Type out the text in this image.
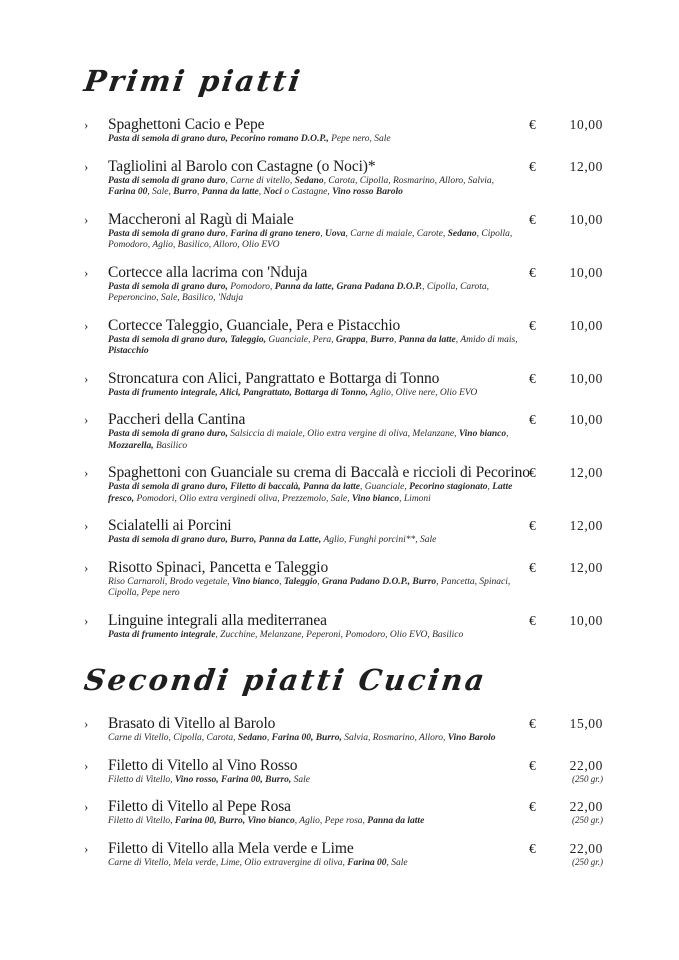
Primi piatti
›	Spaghettoni Cacio e Pepe
Pasta di semola di grano duro, Pecorino romano D.O.P., Pepe nero, Sale
€ 10,00
›	Tagliolini al Barolo con Castagne (o Noci)*
Pasta di semola di grano duro, Carne di vitello, Sedano, Carota, Cipolla, Rosmarino, Alloro, Salvia, Farina 00, Sale, Burro, Panna da latte, Noci o Castagne, Vino rosso Barolo
€ 12,00
›	Maccheroni al Ragù di Maiale
Pasta di semola di grano duro, Farina di grano tenero, Uova, Carne di maiale, Carote, Sedano, Cipolla, Pomodoro, Aglio, Basilico, Alloro, Olio EVO
€ 10,00
›	Cortecce alla lacrima con 'Nduja
Pasta di semola di grano duro, Pomodoro, Panna da latte, Grana Padana D.O.P., Cipolla, Carota, Peperoncino, Sale, Basilico, 'Nduja
€ 10,00
›	Cortecce Taleggio, Guanciale, Pera e Pistacchio
Pasta di semola di grano duro, Taleggio, Guanciale, Pera, Grappa, Burro, Panna da latte, Amido di mais, Pistacchio
€ 10,00
›	Stroncatura con Alici, Pangrattato e Bottarga di Tonno
Pasta di frumento integrale, Alici, Pangrattato, Bottarga di Tonno, Aglio, Olive nere, Olio EVO
€ 10,00
›	Paccheri della Cantina
Pasta di semola di grano duro, Salsiccia di maiale, Olio extra vergine di oliva, Melanzane, Vino bianco, Mozzarella, Basilico
€ 10,00
›	Spaghettoni con Guanciale su crema di Baccalà e riccioli di Pecorino
Pasta di semola di grano duro, Filetto di baccalà, Panna da latte, Guanciale, Pecorino stagionato, Latte fresco, Pomodori, Olio extra verginedi oliva, Prezzemolo, Sale, Vino bianco, Limoni
€ 12,00
›	Scialatelli ai Porcini
Pasta di semola di grano duro, Burro, Panna da Latte, Aglio, Funghi porcini**, Sale
€ 12,00
›	Risotto Spinaci, Pancetta e Taleggio
Riso Carnaroli, Brodo vegetale, Vino bianco, Taleggio, Grana Padano D.O.P., Burro, Pancetta, Spinaci, Cipolla, Pepe nero
€ 12,00
›	Linguine integrali alla mediterranea
Pasta di frumento integrale, Zucchine, Melanzane, Peperoni, Pomodoro, Olio EVO, Basilico
€ 10,00
Secondi piatti Cucina
›	Brasato di Vitello al Barolo
Carne di Vitello, Cipolla, Carota, Sedano, Farina 00, Burro, Salvia, Rosmarino, Alloro, Vino Barolo
€ 15,00
›	Filetto di Vitello al Vino Rosso
Filetto di Vitello, Vino rosso, Farina 00, Burro, Sale
€ 22,00
(250 gr.)
›	Filetto di Vitello al Pepe Rosa
Filetto di Vitello, Farina 00, Burro, Vino bianco, Aglio, Pepe rosa, Panna da latte
€ 22,00
(250 gr.)
›	Filetto di Vitello alla Mela verde e Lime
Carne di Vitello, Mela verde, Lime, Olio extravergine di oliva, Farina 00, Sale
€ 22,00
(250 gr.)
